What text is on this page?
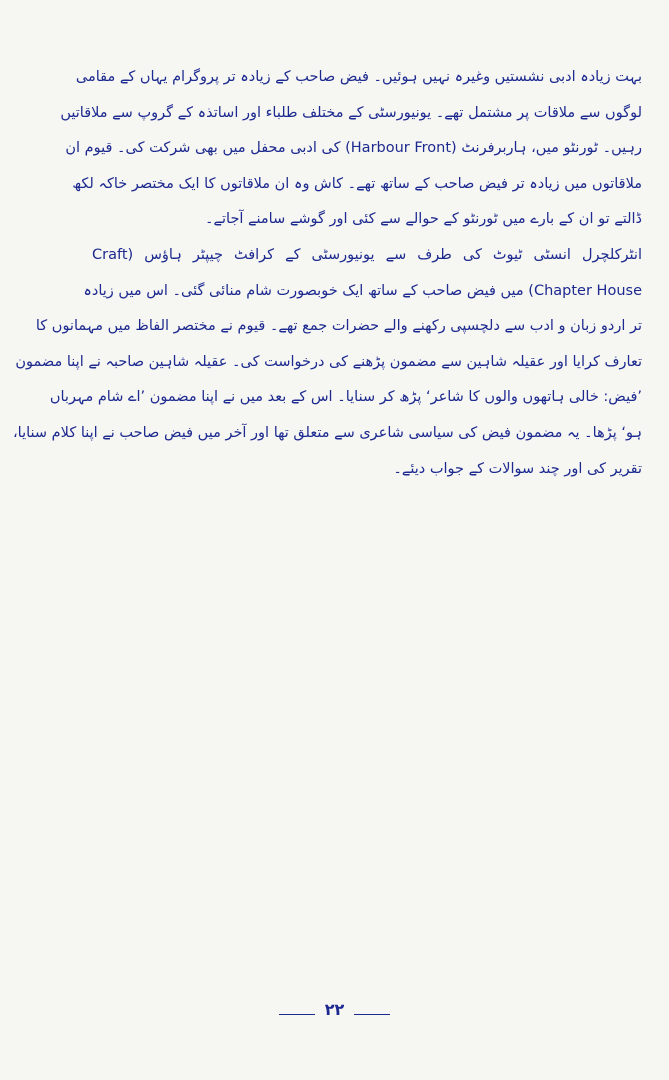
بہت زیادہ ادبی نشستیں وغیرہ نہیں ہوئیں۔ فیض صاحب کے زیادہ تر پروگرام یہاں کے مقامی
لوگوں سے ملاقات پر مشتمل تھے۔ یونیورسٹی کے مختلف طلباء اور اساتذہ کے گروپ سے ملاقاتیں
رہیں۔ ٹورنٹو میں، ہاربرفرنٹ (Harbour Front) کی ادبی محفل میں بھی شرکت کی۔ قیوم ان
ملاقاتوں میں زیادہ تر فیض صاحب کے ساتھ تھے۔ کاش وہ ان ملاقاتوں کا ایک مختصر خاکہ لکھ
ڈالتے تو ان کے بارے میں ٹورنٹو کے حوالے سے کئی اور گوشے سامنے آجاتے۔
انٹرکلچرل انسٹی ٹیوٹ کی طرف سے یونیورسٹی کے کرافٹ چیپٹر ہاؤس (Craft
Chapter House) میں فیض صاحب کے ساتھ ایک خوبصورت شام منائی گئی۔ اس میں زیادہ
تر اردو زبان و ادب سے دلچسپی رکھنے والے حضرات جمع تھے۔ قیوم نے مختصر الفاظ میں مہمانوں کا
تعارف کرایا اور عقیلہ شاہین سے مضمون پڑھنے کی درخواست کی۔ عقیلہ شاہین صاحبہ نے اپنا مضمون
’فیض: خالی ہاتھوں والوں کا شاعر‘ پڑھ کر سنایا۔ اس کے بعد میں نے اپنا مضمون ’اے شام مہرباں
ہو‘ پڑھا۔ یہ مضمون فیض کی سیاسی شاعری سے متعلق تھا اور آخر میں فیض صاحب نے اپنا کلام سنایا،
تقریر کی اور چند سوالات کے جواب دیئے۔
۲۲
